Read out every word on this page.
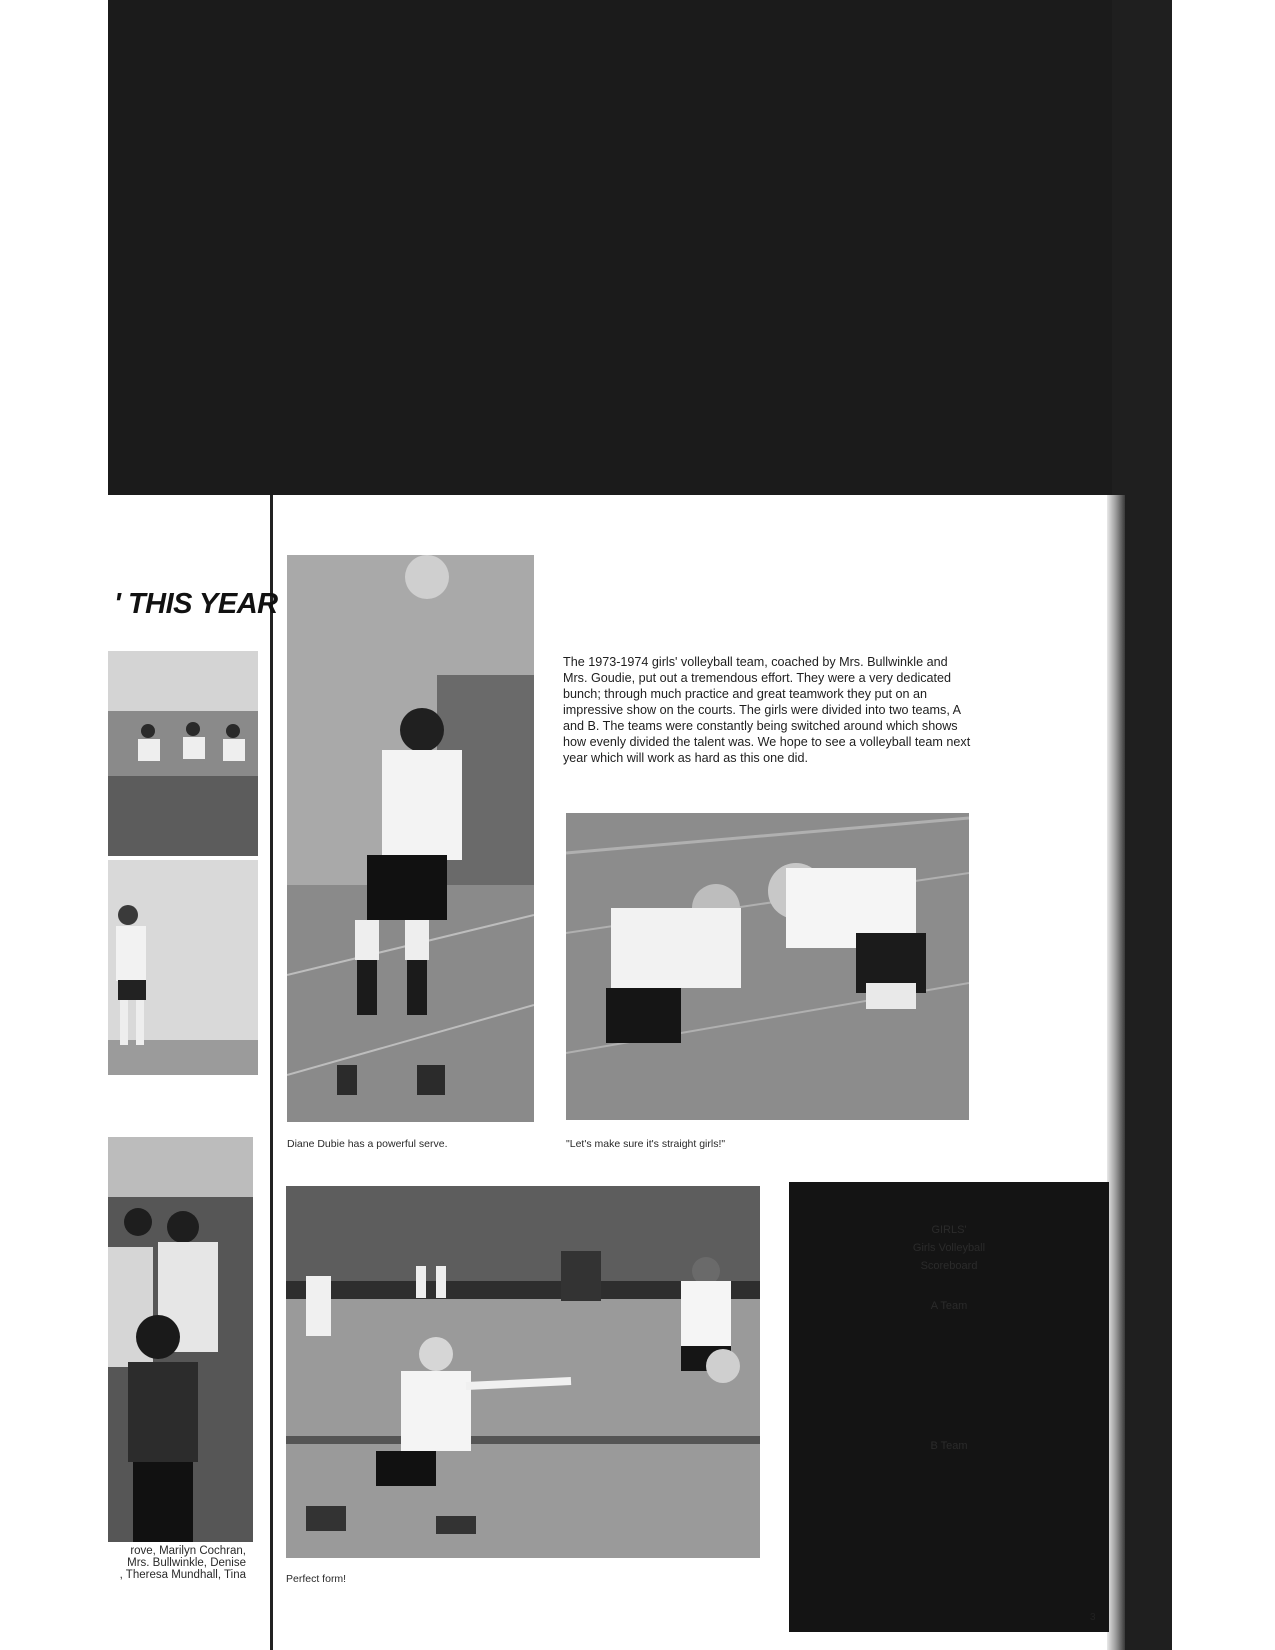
' THIS YEAR
rove, Marilyn Cochran,
Mrs. Bullwinkle, Denise
, Theresa Mundhall, Tina
Diane Dubie has a powerful serve.
The 1973-1974 girls' volleyball team, coached by Mrs. Bullwinkle and Mrs. Goudie, put out a tremendous effort. They were a very dedicated bunch; through much practice and great teamwork they put on an impressive show on the courts. The girls were divided into two teams, A and B. The teams were constantly being switched around which shows how evenly divided the talent was. We hope to see a volleyball team next year which will work as hard as this one did.
"Let's make sure it's straight girls!"
Perfect form!
GIRLS'
Girls Volleyball
Scoreboard
A Team
B Team
3
